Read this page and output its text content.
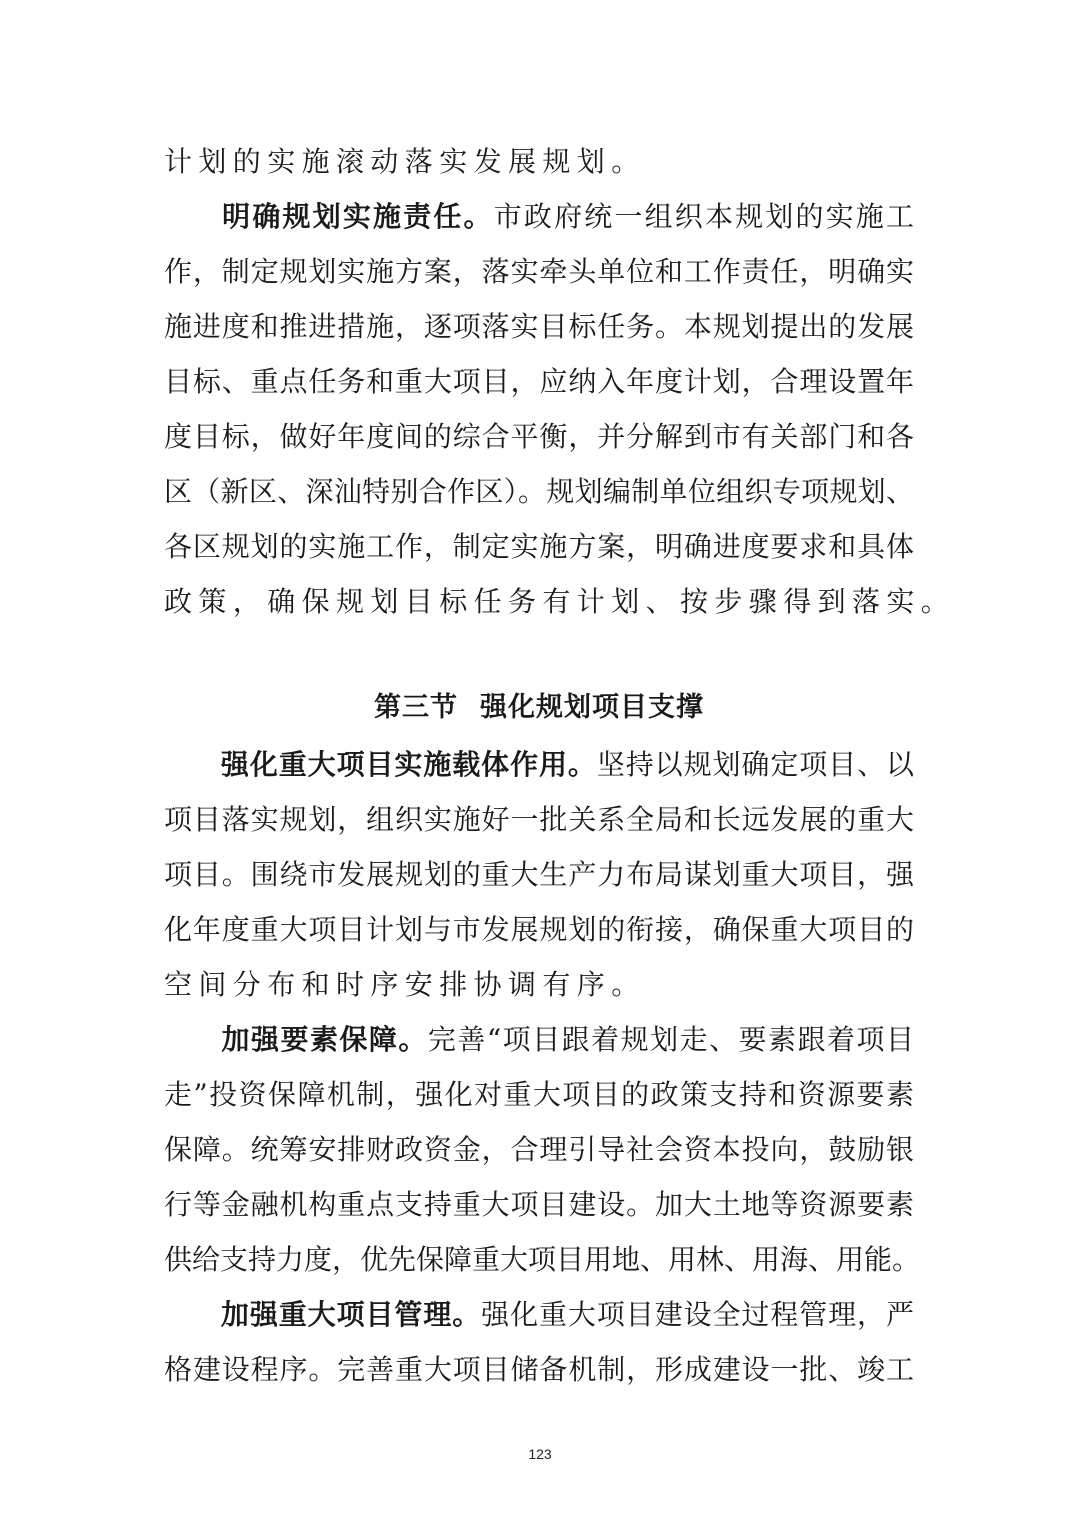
计划的实施滚动落实发展规划。
明确规划实施责任。市政府统一组织本规划的实施工
作，制定规划实施方案，落实牵头单位和工作责任，明确实
施进度和推进措施，逐项落实目标任务。本规划提出的发展
目标、重点任务和重大项目，应纳入年度计划，合理设置年
度目标，做好年度间的综合平衡，并分解到市有关部门和各
区（新区、深汕特别合作区）。规划编制单位组织专项规划、
各区规划的实施工作，制定实施方案，明确进度要求和具体
政策，确保规划目标任务有计划、按步骤得到落实。
第三节 强化规划项目支撑
强化重大项目实施载体作用。坚持以规划确定项目、以
项目落实规划，组织实施好一批关系全局和长远发展的重大
项目。围绕市发展规划的重大生产力布局谋划重大项目，强
化年度重大项目计划与市发展规划的衔接，确保重大项目的
空间分布和时序安排协调有序。
加强要素保障。完善“项目跟着规划走、要素跟着项目
走”投资保障机制，强化对重大项目的政策支持和资源要素
保障。统筹安排财政资金，合理引导社会资本投向，鼓励银
行等金融机构重点支持重大项目建设。加大土地等资源要素
供给支持力度，优先保障重大项目用地、用林、用海、用能。
加强重大项目管理。强化重大项目建设全过程管理，严
格建设程序。完善重大项目储备机制，形成建设一批、竣工
123
